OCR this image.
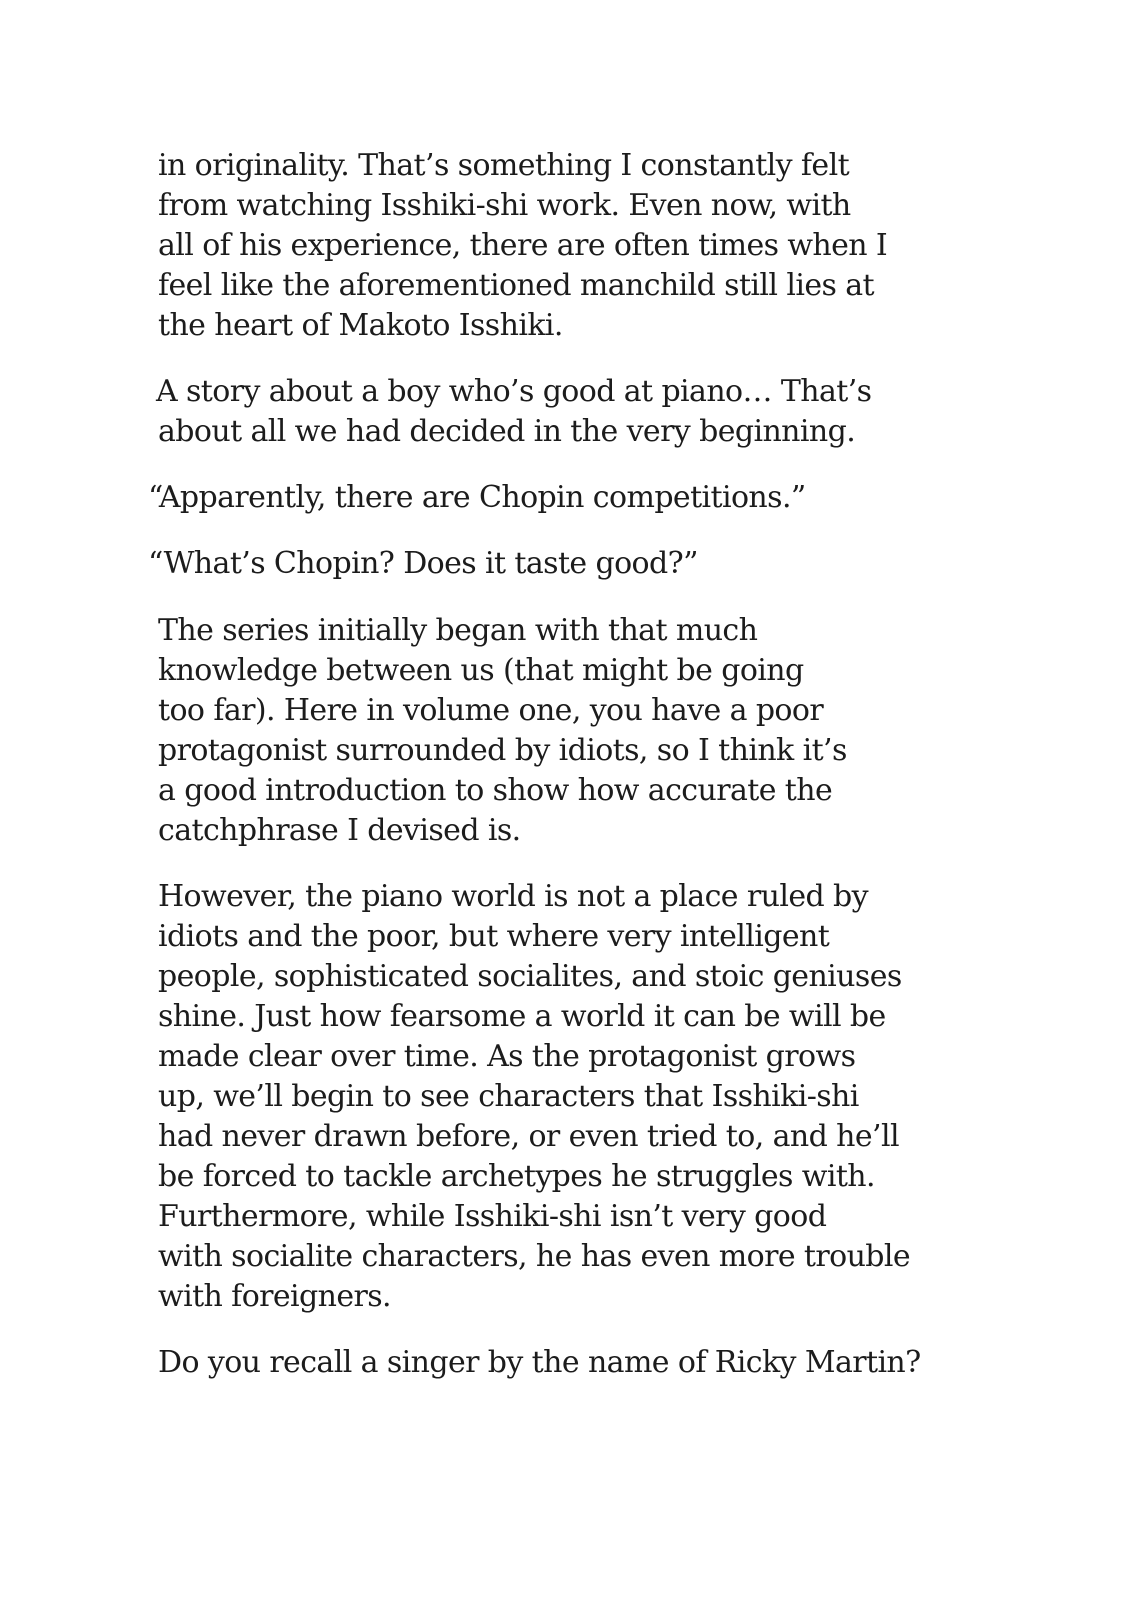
in originality. That’s something I constantly felt
from watching Isshiki-shi work. Even now, with
all of his experience, there are often times when I
feel like the aforementioned manchild still lies at
the heart of Makoto Isshiki.
A story about a boy who’s good at piano… That’s
about all we had decided in the very beginning.
“Apparently, there are Chopin competitions.”
“What’s Chopin? Does it taste good?”
The series initially began with that much
knowledge between us (that might be going
too far). Here in volume one, you have a poor
protagonist surrounded by idiots, so I think it’s
a good introduction to show how accurate the
catchphrase I devised is.
However, the piano world is not a place ruled by
idiots and the poor, but where very intelligent
people, sophisticated socialites, and stoic geniuses
shine. Just how fearsome a world it can be will be
made clear over time. As the protagonist grows
up, we’ll begin to see characters that Isshiki-shi
had never drawn before, or even tried to, and he’ll
be forced to tackle archetypes he struggles with.
Furthermore, while Isshiki-shi isn’t very good
with socialite characters, he has even more trouble
with foreigners.
Do you recall a singer by the name of Ricky Martin?
